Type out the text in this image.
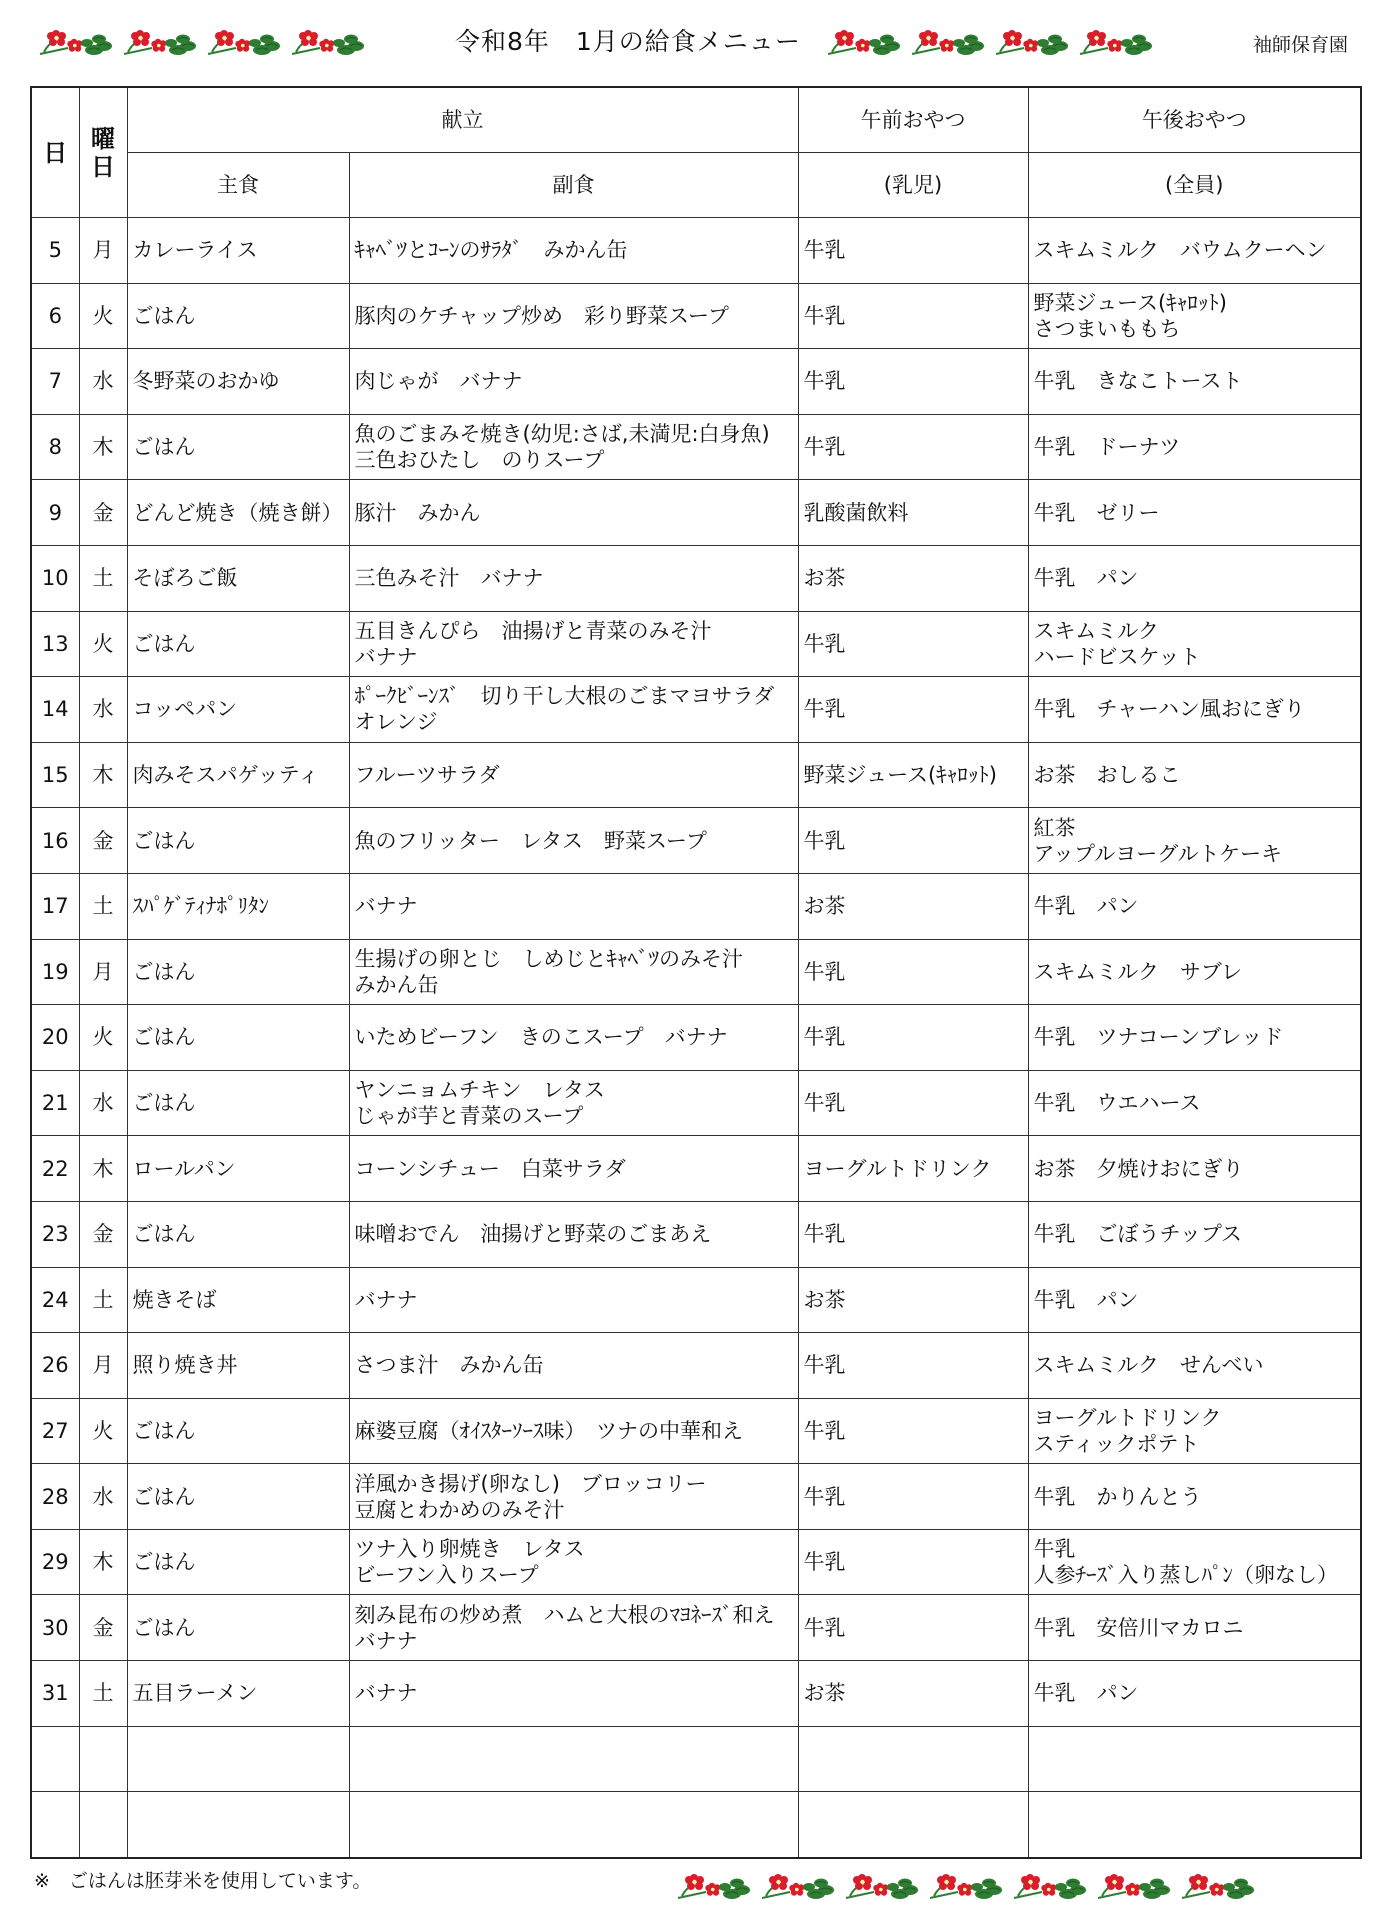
令和8年　1月の給食メニュー	袖師保育園
日	曜日	献立		午前おやつ	午後おやつ
		主食	副食	(乳児)	(全員)
5	月	カレーライス	ｷｬﾍﾞﾂとｺｰﾝのｻﾗﾀﾞ　みかん缶	牛乳	スキムミルク　バウムクーヘン

6	火	ごはん	豚肉のケチャップ炒め　彩り野菜スープ	牛乳	野菜ジュース(ｷｬﾛｯﾄ)
さつまいももち

7	水	冬野菜のおかゆ	肉じゃが　バナナ	牛乳	牛乳　きなこトースト

8	木	ごはん	魚のごまみそ焼き(幼児:さば,未満児:白身魚)
三色おひたし　のりスープ	牛乳	牛乳　ドーナツ

9	金	どんど焼き（焼き餅）	豚汁　みかん	乳酸菌飲料	牛乳　ゼリー

10	土	そぼろご飯	三色みそ汁　バナナ	お茶	牛乳　パン

13	火	ごはん	五目きんぴら　油揚げと青菜のみそ汁
バナナ	牛乳	スキムミルク
ハードビスケット

14	水	コッペパン	ﾎﾟｰｸﾋﾞｰﾝｽﾞ　切り干し大根のごまマヨサラダ
オレンジ	牛乳	牛乳　チャーハン風おにぎり

15	木	肉みそスパゲッティ	フルーツサラダ	野菜ジュース(ｷｬﾛｯﾄ)	お茶　おしるこ

16	金	ごはん	魚のフリッター　レタス　野菜スープ	牛乳	紅茶
アップルヨーグルトケーキ

17	土	ｽﾊﾟｹﾞﾃｨﾅﾎﾟﾘﾀﾝ	バナナ	お茶	牛乳　パン

19	月	ごはん	生揚げの卵とじ　しめじとｷｬﾍﾞﾂのみそ汁
みかん缶	牛乳	スキムミルク　サブレ

20	火	ごはん	いためビーフン　きのこスープ　バナナ	牛乳	牛乳　ツナコーンブレッド

21	水	ごはん	ヤンニョムチキン　レタス
じゃが芋と青菜のスープ	牛乳	牛乳　ウエハース

22	木	ロールパン	コーンシチュー　白菜サラダ	ヨーグルトドリンク	お茶　夕焼けおにぎり

23	金	ごはん	味噌おでん　油揚げと野菜のごまあえ	牛乳	牛乳　ごぼうチップス

24	土	焼きそば	バナナ	お茶	牛乳　パン

26	月	照り焼き丼	さつま汁　みかん缶	牛乳	スキムミルク　せんべい

27	火	ごはん	麻婆豆腐（ｵｲｽﾀｰｿｰｽ味）　ツナの中華和え	牛乳	ヨーグルトドリンク
スティックポテト

28	水	ごはん	洋風かき揚げ(卵なし)　ブロッコリー
豆腐とわかめのみそ汁	牛乳	牛乳　かりんとう

29	木	ごはん	ツナ入り卵焼き　レタス
ビーフン入りスープ	牛乳	牛乳
人参ﾁｰｽﾞ入り蒸しﾊﾟﾝ（卵なし）

30	金	ごはん	刻み昆布の炒め煮　ハムと大根のﾏﾖﾈｰｽﾞ和え
バナナ	牛乳	牛乳　安倍川マカロニ

31	土	五目ラーメン	バナナ	お茶	牛乳　パン

※　ごはんは胚芽米を使用しています。
